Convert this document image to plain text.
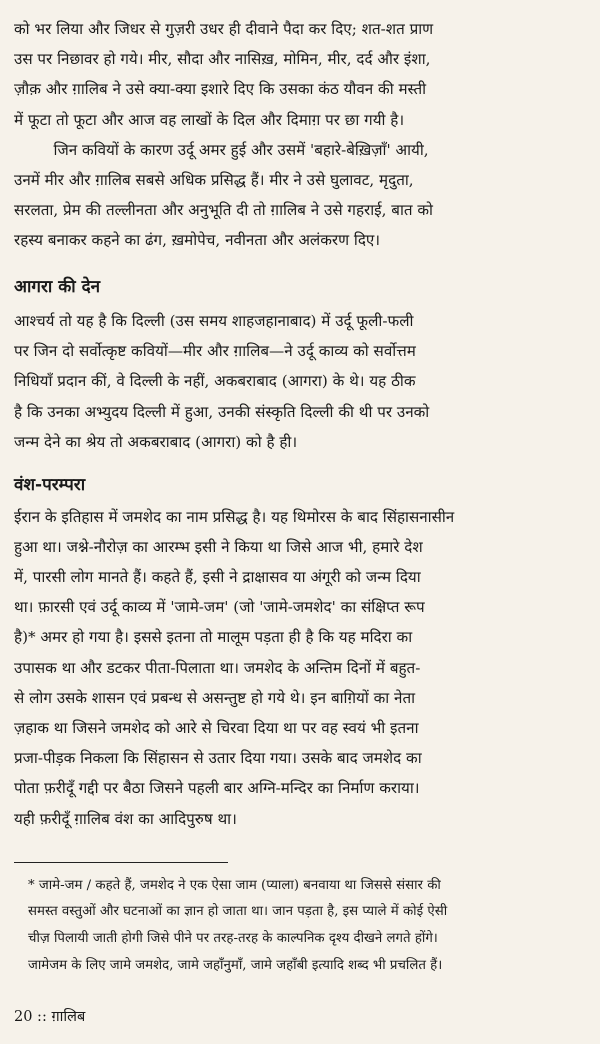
को भर लिया और जिधर से गुज़री उधर ही दीवाने पैदा कर दिए; शत-शत प्राण
उस पर निछावर हो गये। मीर, सौदा और नासिख़, मोमिन, मीर, दर्द और इंशा,
ज़ौक़ और ग़ालिब ने उसे क्या-क्या इशारे दिए कि उसका कंठ यौवन की मस्ती
में फूटा तो फूटा और आज वह लाखों के दिल और दिमाग़ पर छा गयी है।

जिन कवियों के कारण उर्दू अमर हुई और उसमें 'बहारे-बेख़िज़ाँ' आयी,
उनमें मीर और ग़ालिब सबसे अधिक प्रसिद्ध हैं। मीर ने उसे घुलावट, मृदुता,
सरलता, प्रेम की तल्लीनता और अनुभूति दी तो ग़ालिब ने उसे गहराई, बात को
रहस्य बनाकर कहने का ढंग, ख़मोपेच, नवीनता और अलंकरण दिए।

आगरा की देन

आश्चर्य तो यह है कि दिल्ली (उस समय शाहजहानाबाद) में उर्दू फूली-फली
पर जिन दो सर्वोत्कृष्ट कवियों—मीर और ग़ालिब—ने उर्दू काव्य को सर्वोत्तम
निधियाँ प्रदान कीं, वे दिल्ली के नहीं, अकबराबाद (आगरा) के थे। यह ठीक
है कि उनका अभ्युदय दिल्ली में हुआ, उनकी संस्कृति दिल्ली की थी पर उनको
जन्म देने का श्रेय तो अकबराबाद (आगरा) को है ही।

वंश-परम्परा

ईरान के इतिहास में जमशेद का नाम प्रसिद्ध है। यह थिमोरस के बाद सिंहासनासीन
हुआ था। जश्ने-नौरोज़ का आरम्भ इसी ने किया था जिसे आज भी, हमारे देश
में, पारसी लोग मानते हैं। कहते हैं, इसी ने द्राक्षासव या अंगूरी को जन्म दिया
था। फ़ारसी एवं उर्दू काव्य में 'जामे-जम' (जो 'जामे-जमशेद' का संक्षिप्त रूप
है)* अमर हो गया है। इससे इतना तो मालूम पड़ता ही है कि यह मदिरा का
उपासक था और डटकर पीता-पिलाता था। जमशेद के अन्तिम दिनों में बहुत-
से लोग उसके शासन एवं प्रबन्ध से असन्तुष्ट हो गये थे। इन बाग़ियों का नेता
ज़हाक था जिसने जमशेद को आरे से चिरवा दिया था पर वह स्वयं भी इतना
प्रजा-पीड़क निकला कि सिंहासन से उतार दिया गया। उसके बाद जमशेद का
पोता फ़रीदूँ गद्दी पर बैठा जिसने पहली बार अग्नि-मन्दिर का निर्माण कराया।
यही फ़रीदूँ ग़ालिब वंश का आदिपुरुष था।

* जामे-जम / कहते हैं, जमशेद ने एक ऐसा जाम (प्याला) बनवाया था जिससे संसार की
समस्त वस्तुओं और घटनाओं का ज्ञान हो जाता था। जान पड़ता है, इस प्याले में कोई ऐसी
चीज़ पिलायी जाती होगी जिसे पीने पर तरह-तरह के काल्पनिक दृश्य दीखने लगते होंगे।
जामेजम के लिए जामे जमशेद, जामे जहाँनुमाँ, जामे जहाँबी इत्यादि शब्द भी प्रचलित हैं।

20 :: ग़ालिब
